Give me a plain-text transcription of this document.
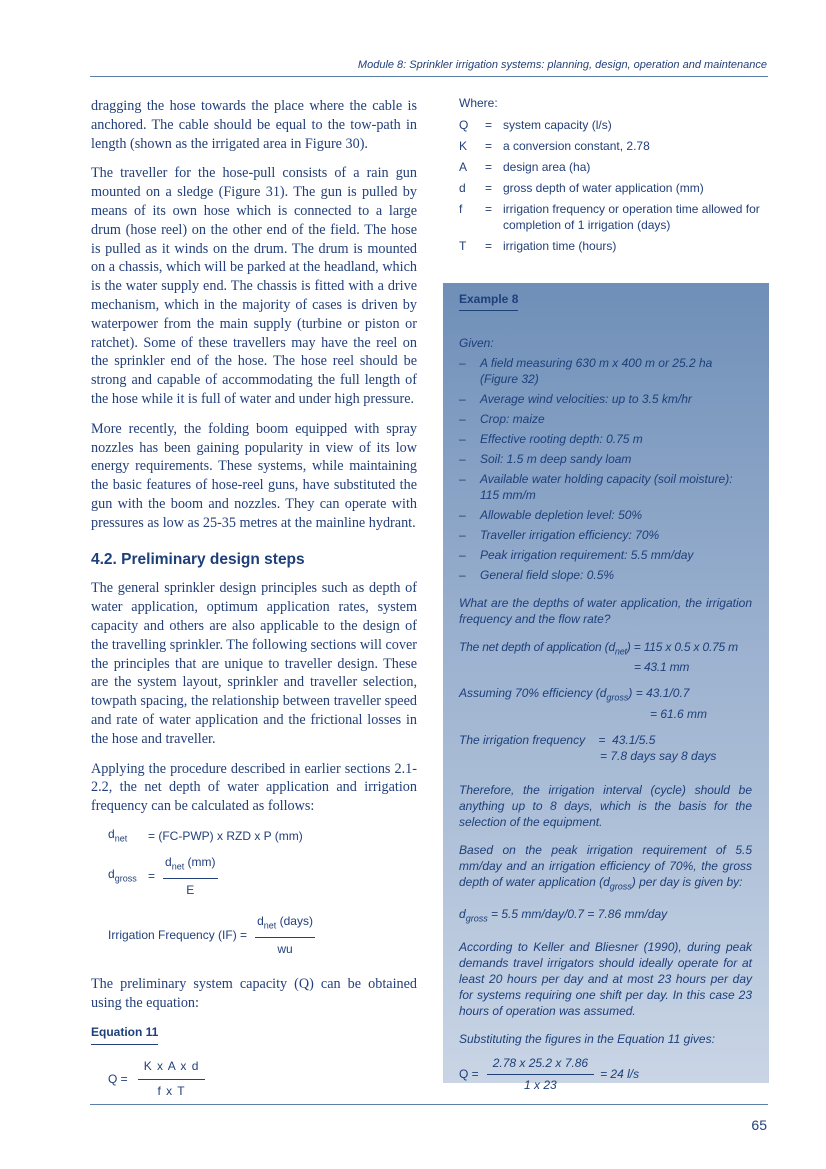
Module 8: Sprinkler irrigation systems: planning, design, operation and maintenance

dragging the hose towards the place where the cable is anchored. The cable should be equal to the tow-path in length (shown as the irrigated area in Figure 30).

The traveller for the hose-pull consists of a rain gun mounted on a sledge (Figure 31). The gun is pulled by means of its own hose which is connected to a large drum (hose reel) on the other end of the field. The hose is pulled as it winds on the drum. The drum is mounted on a chassis, which will be parked at the headland, which is the water supply end. The chassis is fitted with a drive mechanism, which in the majority of cases is driven by waterpower from the main supply (turbine or piston or ratchet). Some of these travellers may have the reel on the sprinkler end of the hose. The hose reel should be strong and capable of accommodating the full length of the hose while it is full of water and under high pressure.

More recently, the folding boom equipped with spray nozzles has been gaining popularity in view of its low energy requirements. These systems, while maintaining the basic features of hose-reel guns, have substituted the gun with the boom and nozzles. They can operate with pressures as low as 25-35 metres at the mainline hydrant.

4.2. Preliminary design steps

The general sprinkler design principles such as depth of water application, optimum application rates, system capacity and others are also applicable to the design of the travelling sprinkler. The following sections will cover the principles that are unique to traveller design. These are the system layout, sprinkler and traveller selection, towpath spacing, the relationship between traveller speed and rate of water application and the frictional losses in the hose and traveller.

Applying the procedure described in earlier sections 2.1-2.2, the net depth of water application and irrigation frequency can be calculated as follows:

$d_{net}$	= (FC-PWP) x RZD x P (mm)
$d_{gross} = \frac{d_{net} (mm)}{E}$
Irrigation Frequency $(IF) = \frac{d_{net} (days)}{wu}$

The preliminary system capacity (Q) can be obtained using the equation:

Equation 11
$Q = \frac{\text{K x A x d}}{\text{f x T}}$
Where:
Q	= system capacity (l/s)
K	= a conversion constant, 2.78
A	= design area (ha)
d	= gross depth of water application (mm)
f	= irrigation frequency or operation time allowed for completion of 1 irrigation (days)
T	= irrigation time (hours)
Example 8
Given:
–	A field measuring 630 m x 400 m or 25.2 ha (Figure 32)
–	Average wind velocities: up to 3.5 km/hr
–	Crop: maize
–	Effective rooting depth: 0.75 m
–	Soil: 1.5 m deep sandy loam
–	Available water holding capacity (soil moisture): 115 mm/m
–	Allowable depletion level: 50%
–	Traveller irrigation efficiency: 70%
–	Peak irrigation requirement: 5.5 mm/day
–	General field slope: 0.5%

What are the depths of water application, the irrigation frequency and the flow rate?

The net depth of application $(d_{net}) = 115$ x 0.5 x 0.75 m
= 43.1 mm
Assuming 70% efficiency $(d_{gross}) = 43.1/0.7$
= 61.6 mm
The irrigation frequency    =  43.1/5.5
= 7.8 days say 8 days

Therefore, the irrigation interval (cycle) should be anything up to 8 days, which is the basis for the selection of the equipment.

Based on the peak irrigation requirement of 5.5 mm/day and an irrigation efficiency of 70%, the gross depth of water application $(d_{gross})$ per day is given by:

$d_{gross} = 5.5$ mm/day/0.7 = 7.86 mm/day

According to Keller and Bliesner (1990), during peak demands travel irrigators should ideally operate for at least 20 hours per day and at most 23 hours per day for systems requiring one shift per day. In this case 23 hours of operation was assumed.

Substituting the figures in the Equation 11 gives:

$Q = \frac{2.78 x 25.2 x 7.86}{1 x 23} = 24$ l/s
65
